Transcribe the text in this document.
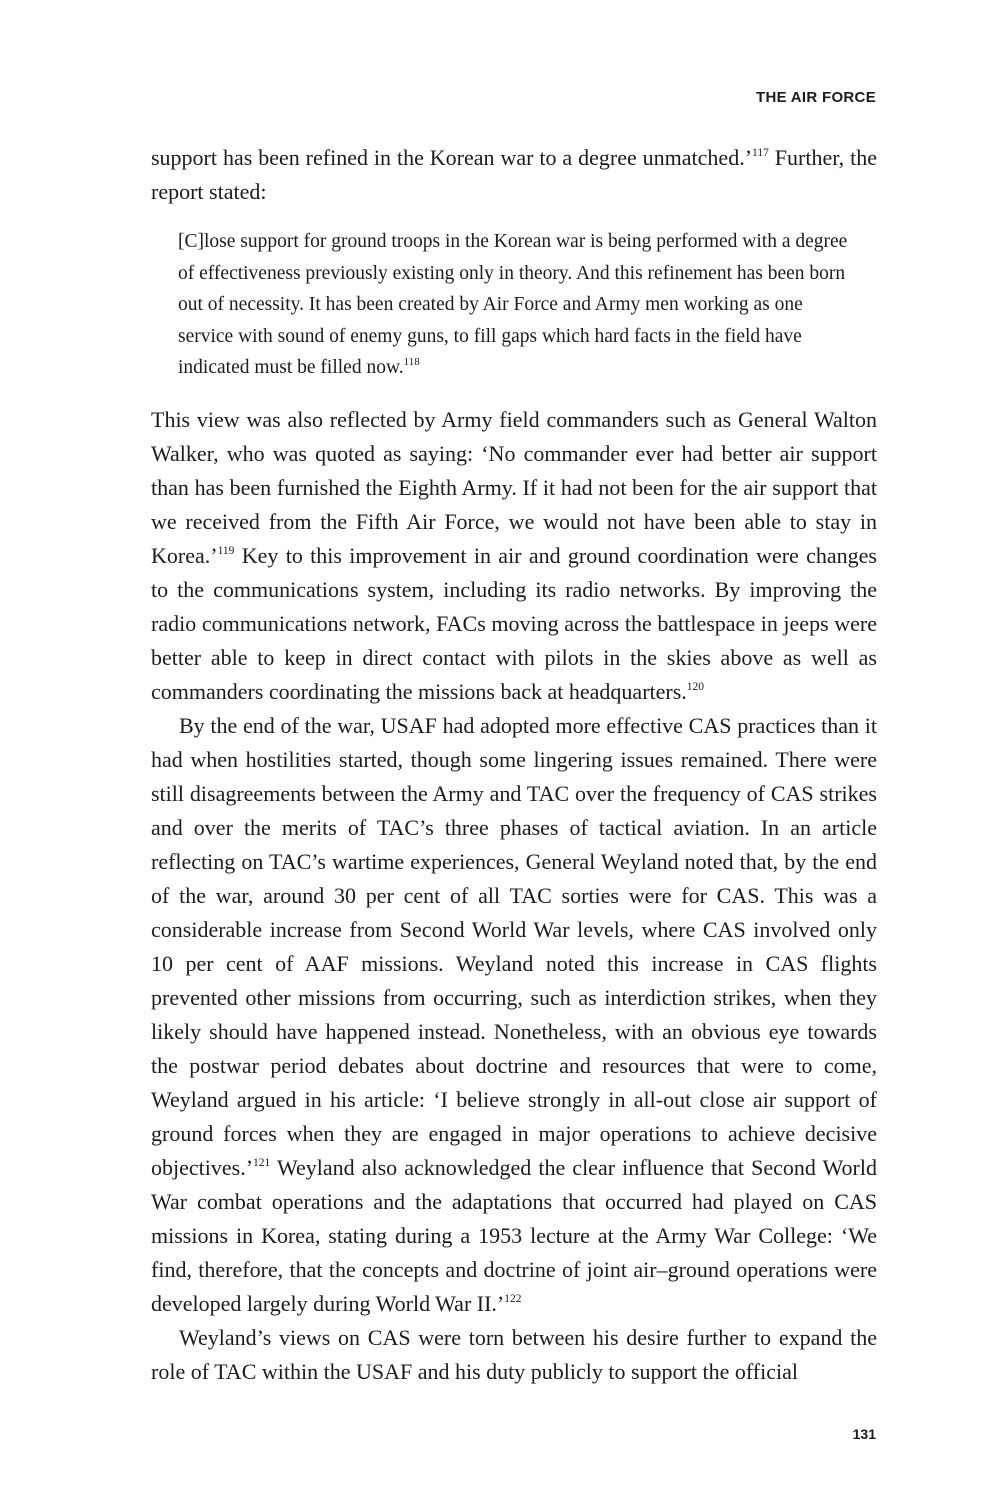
THE AIR FORCE

support has been refined in the Korean war to a degree unmatched.’$^{117}$ Further, the report stated:

[C]lose support for ground troops in the Korean war is being performed with a degree of effectiveness previously existing only in theory. And this refinement has been born out of necessity. It has been created by Air Force and Army men working as one service with sound of enemy guns, to fill gaps which hard facts in the field have indicated must be filled now.$^{118}$

This view was also reflected by Army field commanders such as General Walton Walker, who was quoted as saying: ‘No commander ever had better air support than has been furnished the Eighth Army. If it had not been for the air support that we received from the Fifth Air Force, we would not have been able to stay in Korea.’$^{119}$ Key to this improvement in air and ground coordination were changes to the communications system, including its radio networks. By improving the radio communications network, FACs moving across the battlespace in jeeps were better able to keep in direct contact with pilots in the skies above as well as commanders coordinating the missions back at headquarters.$^{120}$

By the end of the war, USAF had adopted more effective CAS practices than it had when hostilities started, though some lingering issues remained. There were still disagreements between the Army and TAC over the frequency of CAS strikes and over the merits of TAC’s three phases of tactical aviation. In an article reflecting on TAC’s wartime experiences, General Weyland noted that, by the end of the war, around 30 per cent of all TAC sorties were for CAS. This was a considerable increase from Second World War levels, where CAS involved only 10 per cent of AAF missions. Weyland noted this increase in CAS flights prevented other missions from occurring, such as interdiction strikes, when they likely should have happened instead. Nonetheless, with an obvious eye towards the postwar period debates about doctrine and resources that were to come, Weyland argued in his article: ‘I believe strongly in all-out close air support of ground forces when they are engaged in major operations to achieve decisive objectives.’$^{121}$ Weyland also acknowledged the clear influence that Second World War combat operations and the adaptations that occurred had played on CAS missions in Korea, stating during a 1953 lecture at the Army War College: ‘We find, therefore, that the concepts and doctrine of joint air–ground operations were developed largely during World War II.’$^{122}$

Weyland’s views on CAS were torn between his desire further to expand the role of TAC within the USAF and his duty publicly to support the official

131
